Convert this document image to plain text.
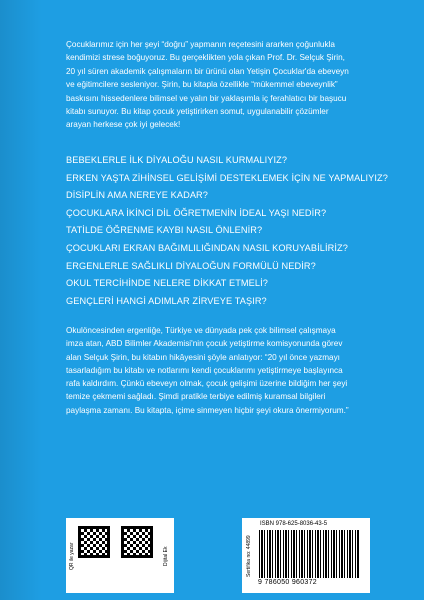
Çocuklarımız için her şeyi “doğru” yapmanın reçetesini ararken çoğunlukla
kendimizi strese boğuyoruz. Bu gerçeklikten yola çıkan Prof. Dr. Selçuk Şirin,
20 yıl süren akademik çalışmaların bir ürünü olan Yetişin Çocuklar'da ebeveyn
ve eğitimcilere sesleniyor. Şirin, bu kitapla özellikle “mükemmel ebeveynlik”
baskısını hissedenlere bilimsel ve yalın bir yaklaşımla iç ferahlatıcı bir başucu
kitabı sunuyor. Bu kitap çocuk yetiştirirken somut, uygulanabilir çözümler
arayan herkese çok iyi gelecek!
BEBEKLERLE İLK DİYALOĞU NASIL KURMALIYIZ?
ERKEN YAŞTA ZİHİNSEL GELİŞİMİ DESTEKLEMEK İÇİN NE YAPMALIYIZ?
DİSİPLİN AMA NEREYE KADAR?
ÇOCUKLARA İKİNCİ DİL ÖĞRETMENİN İDEAL YAŞI NEDİR?
TATİLDE ÖĞRENME KAYBI NASIL ÖNLENİR?
ÇOCUKLARI EKRAN BAĞIMLILIĞINDAN NASIL KORUYABİLİRİZ?
ERGENLERLE SAĞLIKLI DİYALOĞUN FORMÜLÜ NEDİR?
OKUL TERCİHİNDE NELERE DİKKAT ETMELİ?
GENÇLERİ HANGİ ADIMLAR ZİRVEYE TAŞIR?
Okulöncesinden ergenliğe, Türkiye ve dünyada pek çok bilimsel çalışmaya
imza atan, ABD Bilimler Akademisi'nin çocuk yetiştirme komisyonunda görev
alan Selçuk Şirin, bu kitabın hikâyesini şöyle anlatıyor: “20 yıl önce yazmayı
tasarladığım bu kitabı ve notlarımı kendi çocuklarımı yetiştirmeye başlayınca
rafa kaldırdım. Çünkü ebeveyn olmak, çocuk gelişimi üzerine bildiğim her şeyi
temize çekmemi sağladı. Şimdi pratikle terbiye edilmiş kuramsal bilgileri
paylaşma zamanı. Bu kitapta, içime sinmeyen hiçbir şeyi okura önermiyorum.”
QR ile yazar	Dijital Ek	Sertifika no: 44899
ISBN 978-625-8036-43-5
9 786050 960372
